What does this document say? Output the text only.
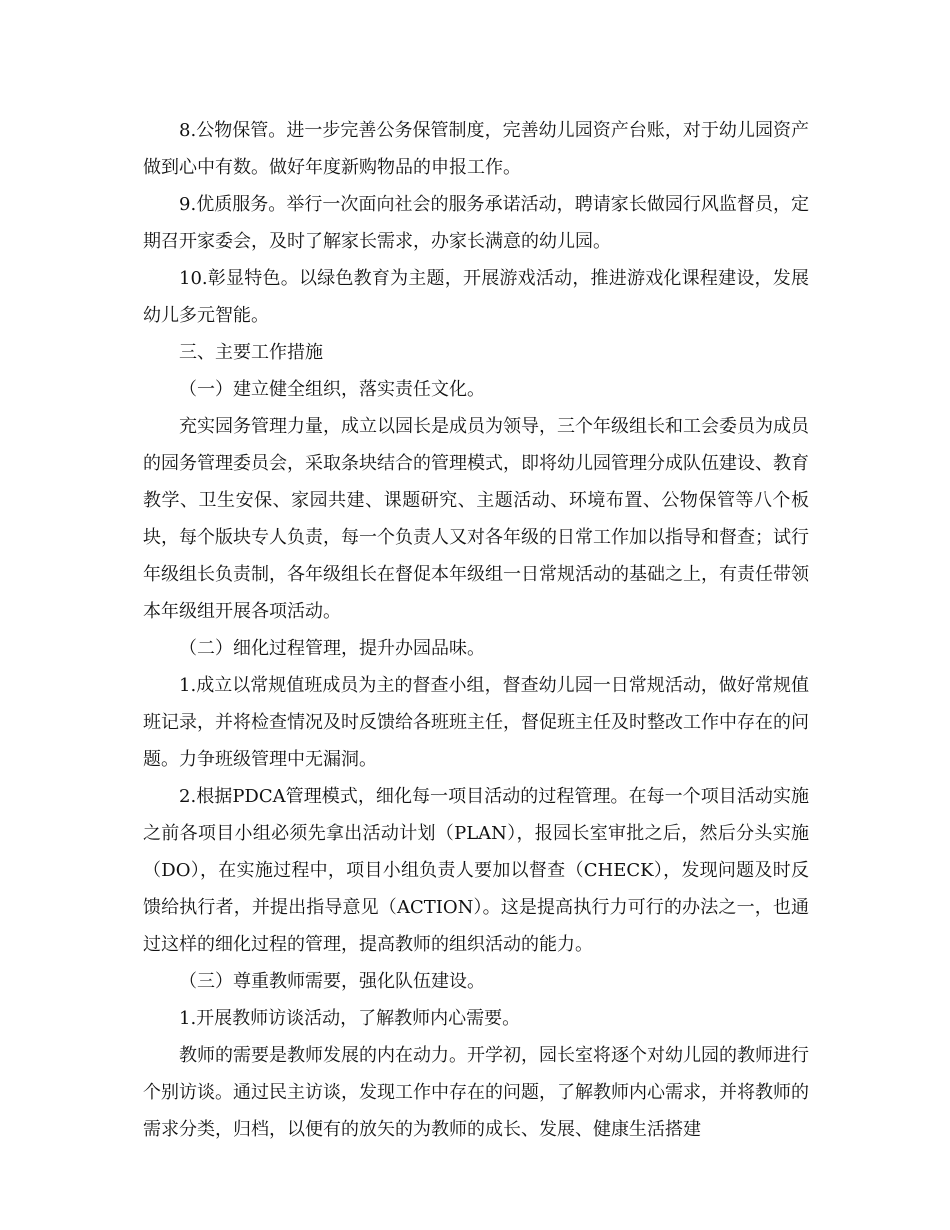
8.公物保管。进一步完善公务保管制度，完善幼儿园资产台账，对于幼儿园资产做到心中有数。做好年度新购物品的申报工作。

9.优质服务。举行一次面向社会的服务承诺活动，聘请家长做园行风监督员，定期召开家委会，及时了解家长需求，办家长满意的幼儿园。

10.彰显特色。以绿色教育为主题，开展游戏活动，推进游戏化课程建设，发展幼儿多元智能。

三、主要工作措施

（一）建立健全组织，落实责任文化。

充实园务管理力量，成立以园长是成员为领导，三个年级组长和工会委员为成员的园务管理委员会，采取条块结合的管理模式，即将幼儿园管理分成队伍建设、教育教学、卫生安保、家园共建、课题研究、主题活动、环境布置、公物保管等八个板块，每个版块专人负责，每一个负责人又对各年级的日常工作加以指导和督查；试行年级组长负责制，各年级组长在督促本年级组一日常规活动的基础之上，有责任带领本年级组开展各项活动。

（二）细化过程管理，提升办园品味。

1.成立以常规值班成员为主的督查小组，督查幼儿园一日常规活动，做好常规值班记录，并将检查情况及时反馈给各班班主任，督促班主任及时整改工作中存在的问题。力争班级管理中无漏洞。

2.根据PDCA管理模式，细化每一项目活动的过程管理。在每一个项目活动实施之前各项目小组必须先拿出活动计划（PLAN），报园长室审批之后，然后分头实施（DO），在实施过程中，项目小组负责人要加以督查（CHECK），发现问题及时反馈给执行者，并提出指导意见（ACTION）。这是提高执行力可行的办法之一，也通过这样的细化过程的管理，提高教师的组织活动的能力。

（三）尊重教师需要，强化队伍建设。

1.开展教师访谈活动，了解教师内心需要。

教师的需要是教师发展的内在动力。开学初，园长室将逐个对幼儿园的教师进行个别访谈。通过民主访谈，发现工作中存在的问题，了解教师内心需求，并将教师的需求分类，归档，以便有的放矢的为教师的成长、发展、健康生活搭建
